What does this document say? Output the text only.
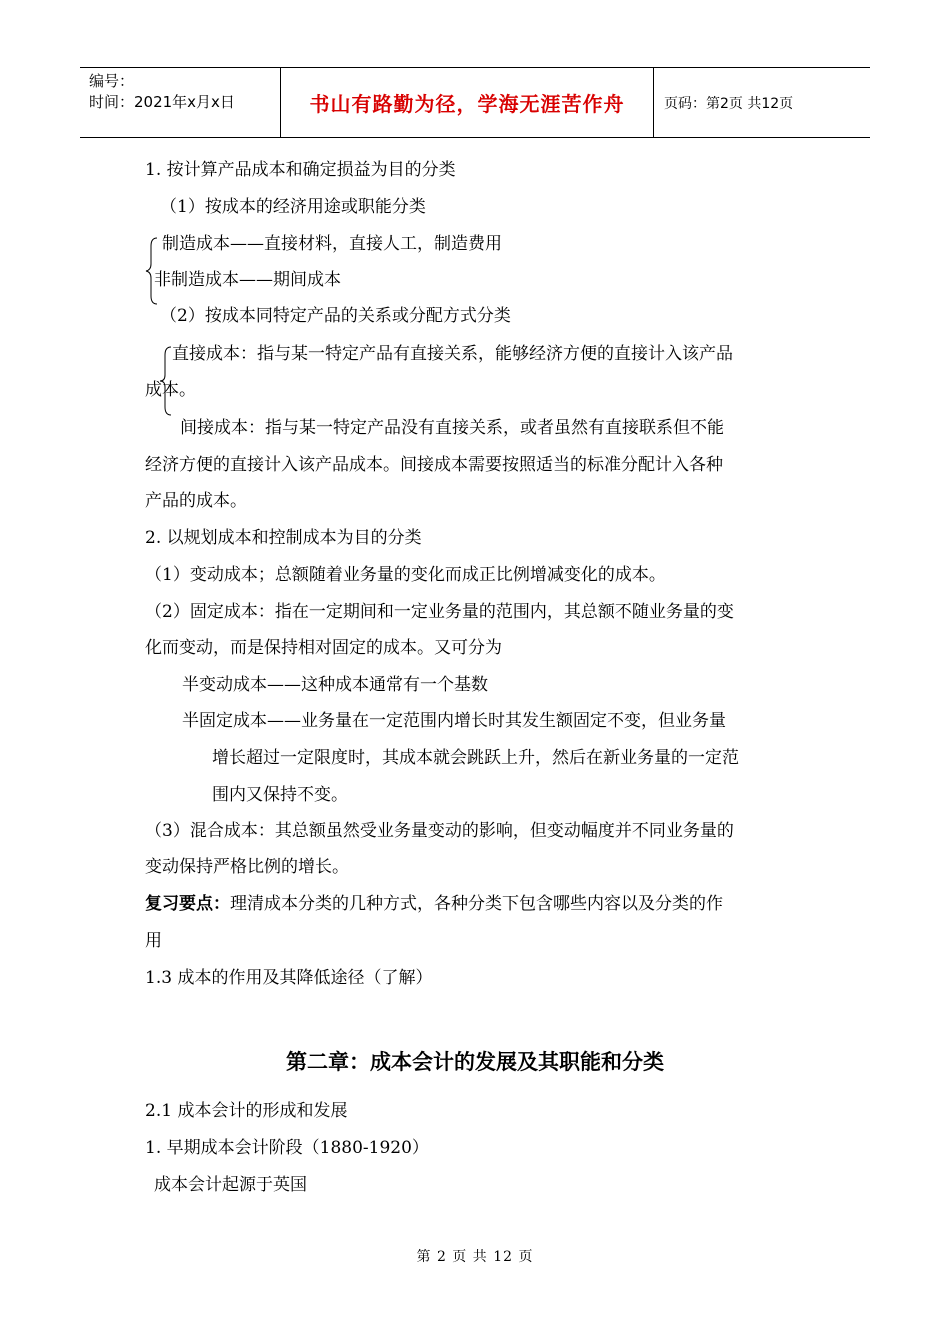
编号：
时间：2021年x月x日	书山有路勤为径，学海无涯苦作舟	页码：第2页 共12页
1. 按计算产品成本和确定损益为目的分类
（1）按成本的经济用途或职能分类
制造成本——直接材料，直接人工，制造费用
非制造成本——期间成本
（2）按成本同特定产品的关系或分配方式分类
直接成本：指与某一特定产品有直接关系，能够经济方便的直接计入该产品
成本。
间接成本：指与某一特定产品没有直接关系，或者虽然有直接联系但不能
经济方便的直接计入该产品成本。间接成本需要按照适当的标准分配计入各种
产品的成本。
2. 以规划成本和控制成本为目的分类
（1）变动成本；总额随着业务量的变化而成正比例增减变化的成本。
（2）固定成本：指在一定期间和一定业务量的范围内，其总额不随业务量的变
化而变动，而是保持相对固定的成本。又可分为
半变动成本——这种成本通常有一个基数
半固定成本——业务量在一定范围内增长时其发生额固定不变，但业务量
增长超过一定限度时，其成本就会跳跃上升，然后在新业务量的一定范
围内又保持不变。
（3）混合成本：其总额虽然受业务量变动的影响，但变动幅度并不同业务量的
变动保持严格比例的增长。
复习要点：理清成本分类的几种方式，各种分类下包含哪些内容以及分类的作
用
1.3 成本的作用及其降低途径（了解）
第二章：成本会计的发展及其职能和分类
2.1 成本会计的形成和发展
1. 早期成本会计阶段（1880-1920）
成本会计起源于英国
第 2 页 共 12 页
